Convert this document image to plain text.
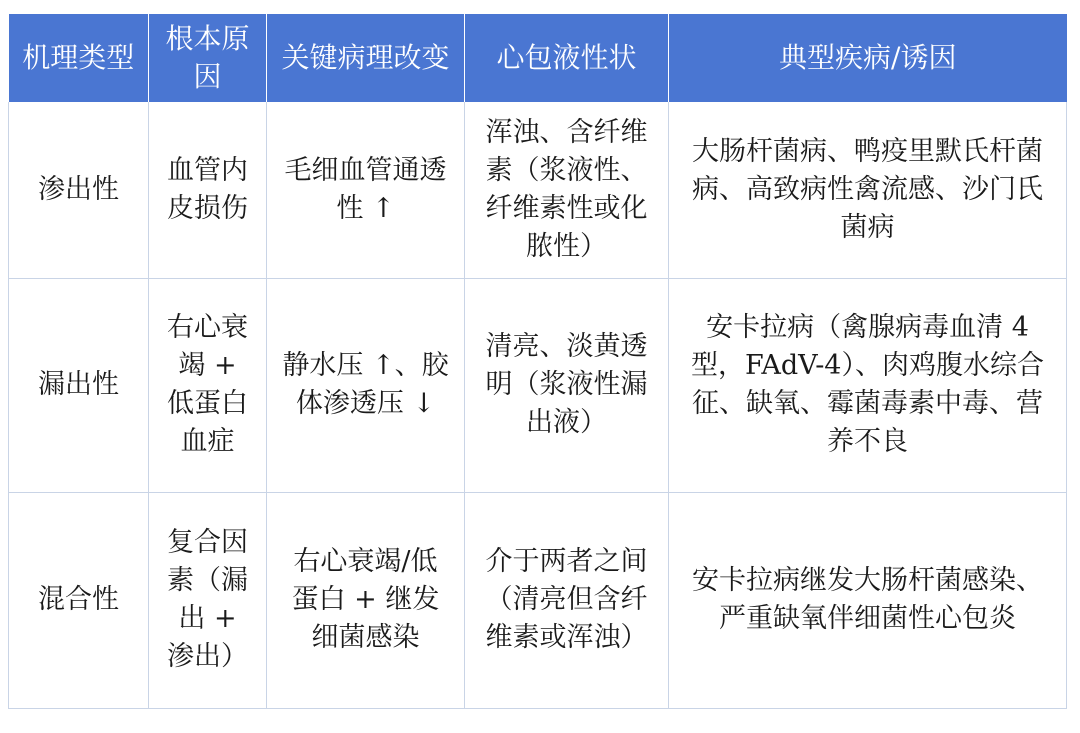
机理类型	根本原因	关键病理改变	心包液性状	典型疾病/诱因
渗出性	血管内皮损伤	毛细血管通透性 ↑	浑浊、含纤维素（浆液性、纤维素性或化脓性）	大肠杆菌病、鸭疫里默氏杆菌病、高致病性禽流感、沙门氏菌病
漏出性	右心衰竭 + 低蛋白血症	静水压 ↑、胶体渗透压 ↓	清亮、淡黄透明（浆液性漏出液）	安卡拉病（禽腺病毒血清 4 型，FAdV-4）、肉鸡腹水综合征、缺氧、霉菌毒素中毒、营养不良
混合性	复合因素（漏出 + 渗出）	右心衰竭/低蛋白 + 继发细菌感染	介于两者之间（清亮但含纤维素或浑浊）	安卡拉病继发大肠杆菌感染、严重缺氧伴细菌性心包炎
